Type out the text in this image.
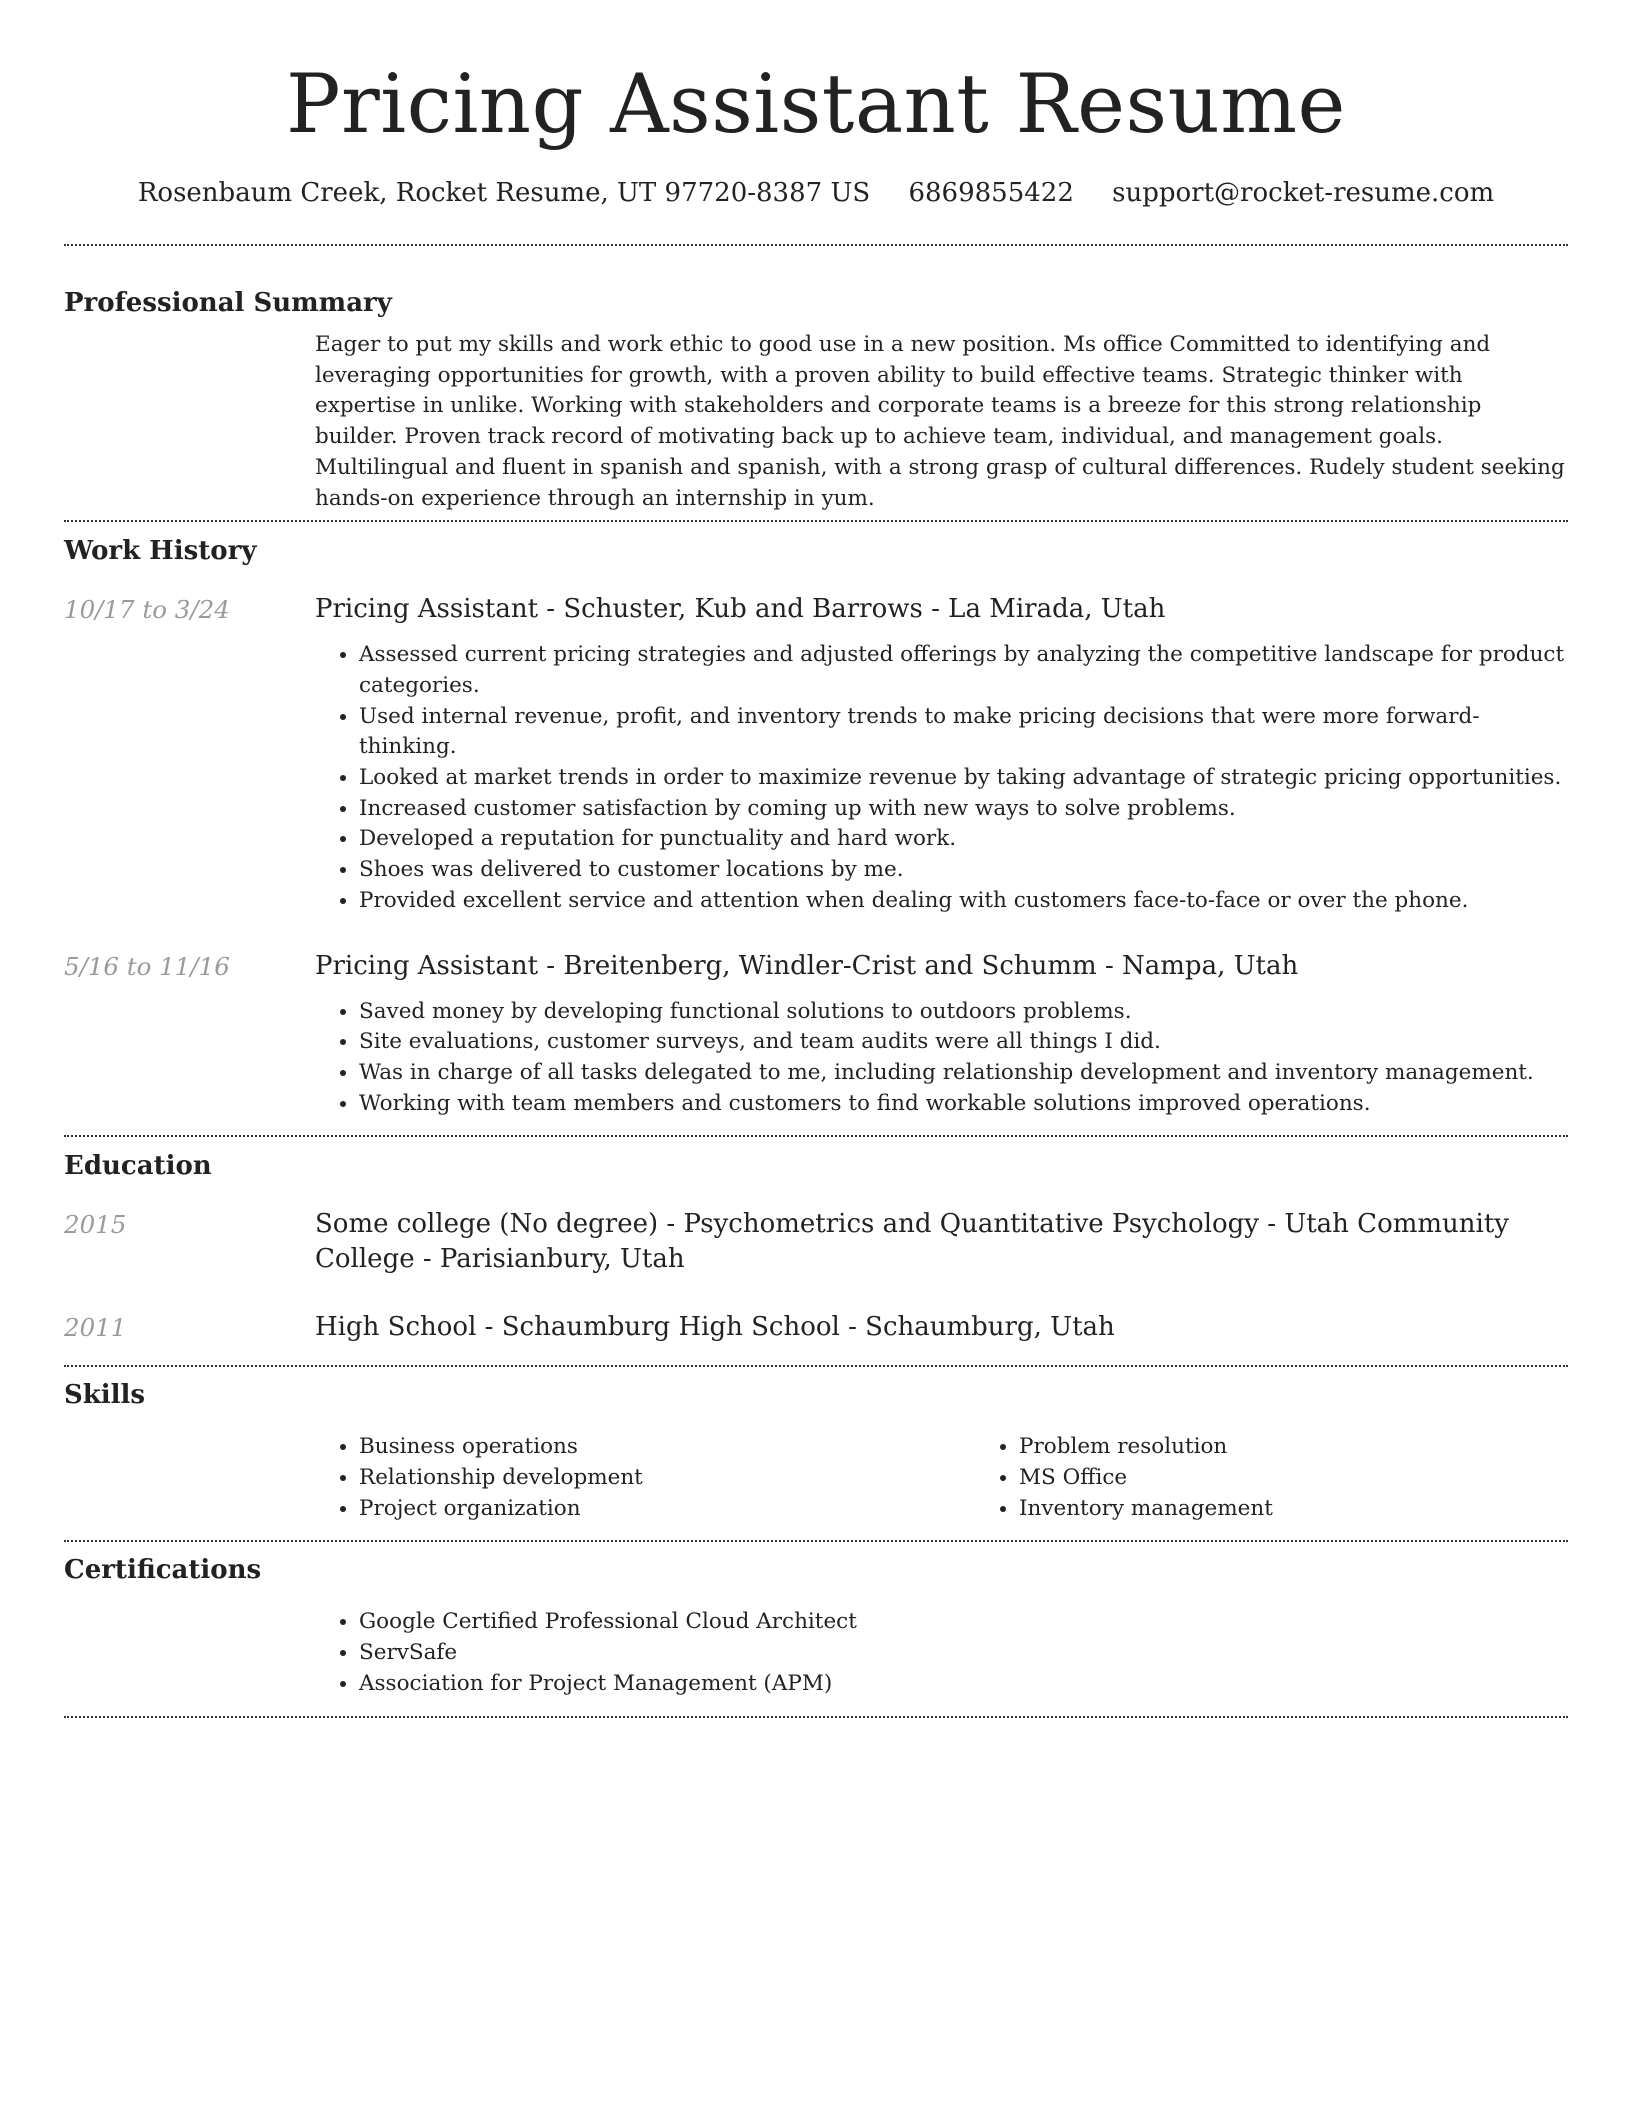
Pricing Assistant Resume
Rosenbaum Creek, Rocket Resume, UT 97720-8387 US 6869855422 support@rocket-resume.com
Professional Summary

Eager to put my skills and work ethic to good use in a new position. Ms office Committed to identifying and leveraging opportunities for growth, with a proven ability to build effective teams. Strategic thinker with expertise in unlike. Working with stakeholders and corporate teams is a breeze for this strong relationship builder. Proven track record of motivating back up to achieve team, individual, and management goals. Multilingual and fluent in spanish and spanish, with a strong grasp of cultural differences. Rudely student seeking hands-on experience through an internship in yum.

Work History
10/17 to 3/24	Pricing Assistant - Schuster, Kub and Barrows - La Mirada, Utah
• Assessed current pricing strategies and adjusted offerings by analyzing the competitive landscape for product categories.
• Used internal revenue, profit, and inventory trends to make pricing decisions that were more forward-thinking.
• Looked at market trends in order to maximize revenue by taking advantage of strategic pricing opportunities.
• Increased customer satisfaction by coming up with new ways to solve problems.
• Developed a reputation for punctuality and hard work.
• Shoes was delivered to customer locations by me.
• Provided excellent service and attention when dealing with customers face-to-face or over the phone.
5/16 to 11/16	Pricing Assistant - Breitenberg, Windler-Crist and Schumm - Nampa, Utah
• Saved money by developing functional solutions to outdoors problems.
• Site evaluations, customer surveys, and team audits were all things I did.
• Was in charge of all tasks delegated to me, including relationship development and inventory management.
• Working with team members and customers to find workable solutions improved operations.
Education
2015	Some college (No degree) - Psychometrics and Quantitative Psychology - Utah Community College - Parisianbury, Utah
2011	High School - Schaumburg High School - Schaumburg, Utah
Skills
• Business operations
• Relationship development
• Project organization
• Problem resolution
• MS Office
• Inventory management
Certifications
• Google Certified Professional Cloud Architect
• ServSafe
• Association for Project Management (APM)
